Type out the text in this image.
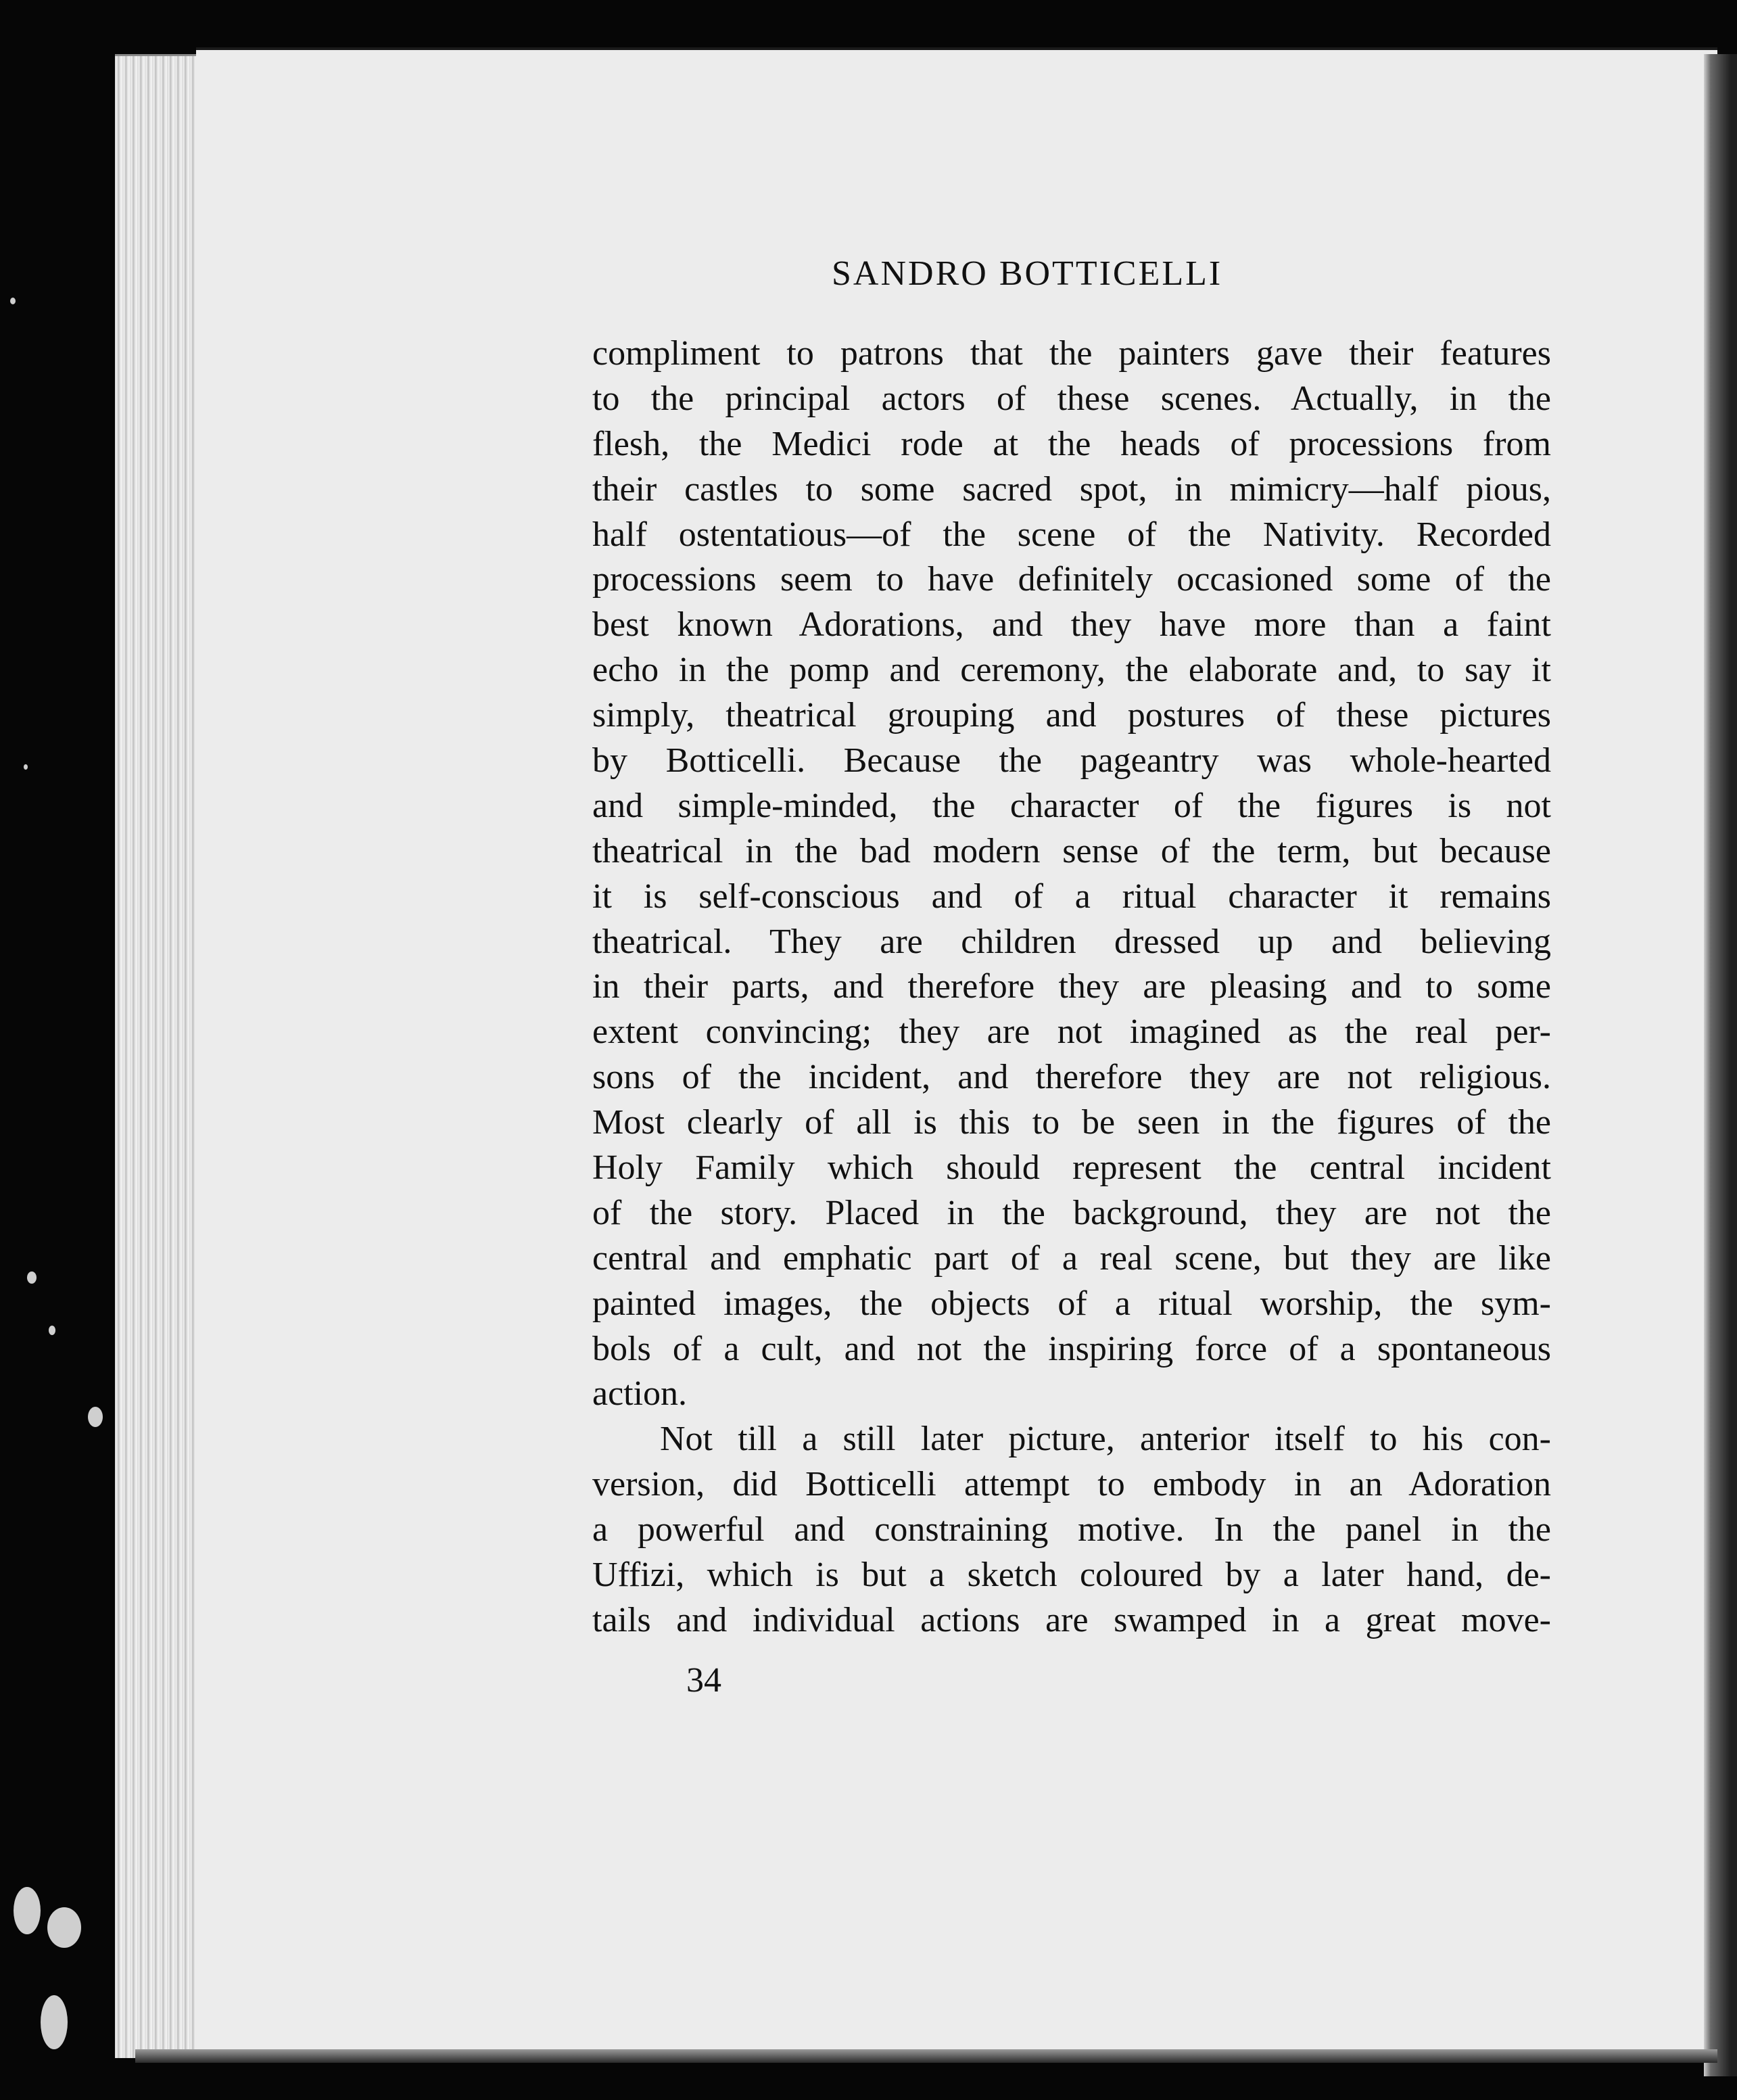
SANDRO BOTTICELLI
compliment to patrons that the painters gave their features
to the principal actors of these scenes. Actually, in the
flesh, the Medici rode at the heads of processions from
their castles to some sacred spot, in mimicry—half pious,
half ostentatious—of the scene of the Nativity. Recorded
processions seem to have definitely occasioned some of the
best known Adorations, and they have more than a faint
echo in the pomp and ceremony, the elaborate and, to say it
simply, theatrical grouping and postures of these pictures
by Botticelli. Because the pageantry was whole-hearted
and simple-minded, the character of the figures is not
theatrical in the bad modern sense of the term, but because
it is self-conscious and of a ritual character it remains
theatrical. They are children dressed up and believing
in their parts, and therefore they are pleasing and to some
extent convincing; they are not imagined as the real per-
sons of the incident, and therefore they are not religious.
Most clearly of all is this to be seen in the figures of the
Holy Family which should represent the central incident
of the story. Placed in the background, they are not the
central and emphatic part of a real scene, but they are like
painted images, the objects of a ritual worship, the sym-
bols of a cult, and not the inspiring force of a spontaneous
action.
Not till a still later picture, anterior itself to his con-
version, did Botticelli attempt to embody in an Adoration
a powerful and constraining motive. In the panel in the
Uffizi, which is but a sketch coloured by a later hand, de-
tails and individual actions are swamped in a great move-
34
